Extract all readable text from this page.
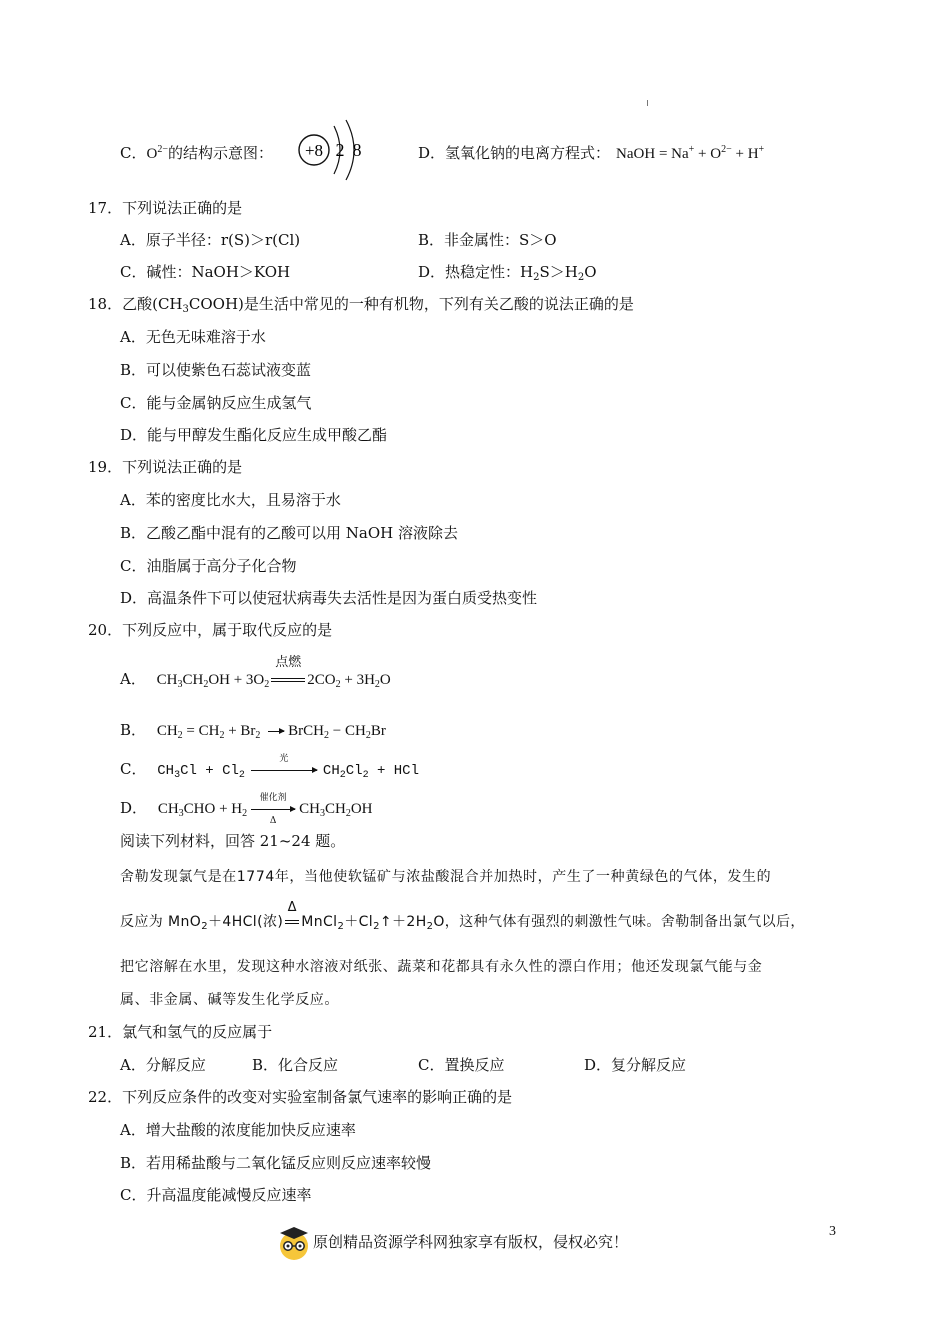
C．$O^{2-}$的结构示意图： +8 2 8	D．氢氧化钠的电离方程式： NaOH = $Na^+ + O^{2-} + H^+$
17．下列说法正确的是
A．原子半径：r(S)＞r(Cl)	B．非金属性：S＞O
C．碱性：NaOH＞KOH	D．热稳定性：$H_2S>H_2O$
18．乙酸$(CH_3COOH)$是生活中常见的一种有机物，下列有关乙酸的说法正确的是
A．无色无味难溶于水
B．可以使紫色石蕊试液变蓝
C．能与金属钠反应生成氢气
D．能与甲醇发生酯化反应生成甲酸乙酯
19．下列说法正确的是
A．苯的密度比水大，且易溶于水
B．乙酸乙酯中混有的乙酸可以用 NaOH 溶液除去
C．油脂属于高分子化合物
D．高温条件下可以使冠状病毒失去活性是因为蛋白质受热变性
20．下列反应中，属于取代反应的是
A． $CH_3CH_2OH + 3O_2$
点燃
$2CO_2 + 3H_2O$
B． $CH_2 = CH_2 + Br_2$ → BrCH$_2$ − $CH_2Br$
C． $CH_3Cl + Cl_2$
光
$CH_2Cl_2$ + HCl
D． $CH_3CHO + H_2$
催化剂
Δ
$CH_3CH_2OH$
阅读下列材料，回答 21~24 题。
舍勒发现氯气是在1774年，当他使软锰矿与浓盐酸混合并加热时，产生了一种黄绿色的气体，发生的
反应为 MnO$_2$＋4HCl(浓)
Δ
$MnCl_2+Cl_2↑+2H_2O$，这种气体有强烈的刺激性气味。舍勒制备出氯气以后，
把它溶解在水里，发现这种水溶液对纸张、蔬菜和花都具有永久性的漂白作用；他还发现氯气能与金
属、非金属、碱等发生化学反应。
21．氯气和氢气的反应属于
A．分解反应	B．化合反应	C．置换反应	D．复分解反应
22．下列反应条件的改变对实验室制备氯气速率的影响正确的是
A．增大盐酸的浓度能加快反应速率
B．若用稀盐酸与二氧化锰反应则反应速率较慢
C．升高温度能减慢反应速率
3
原创精品资源学科网独家享有版权，侵权必究！
